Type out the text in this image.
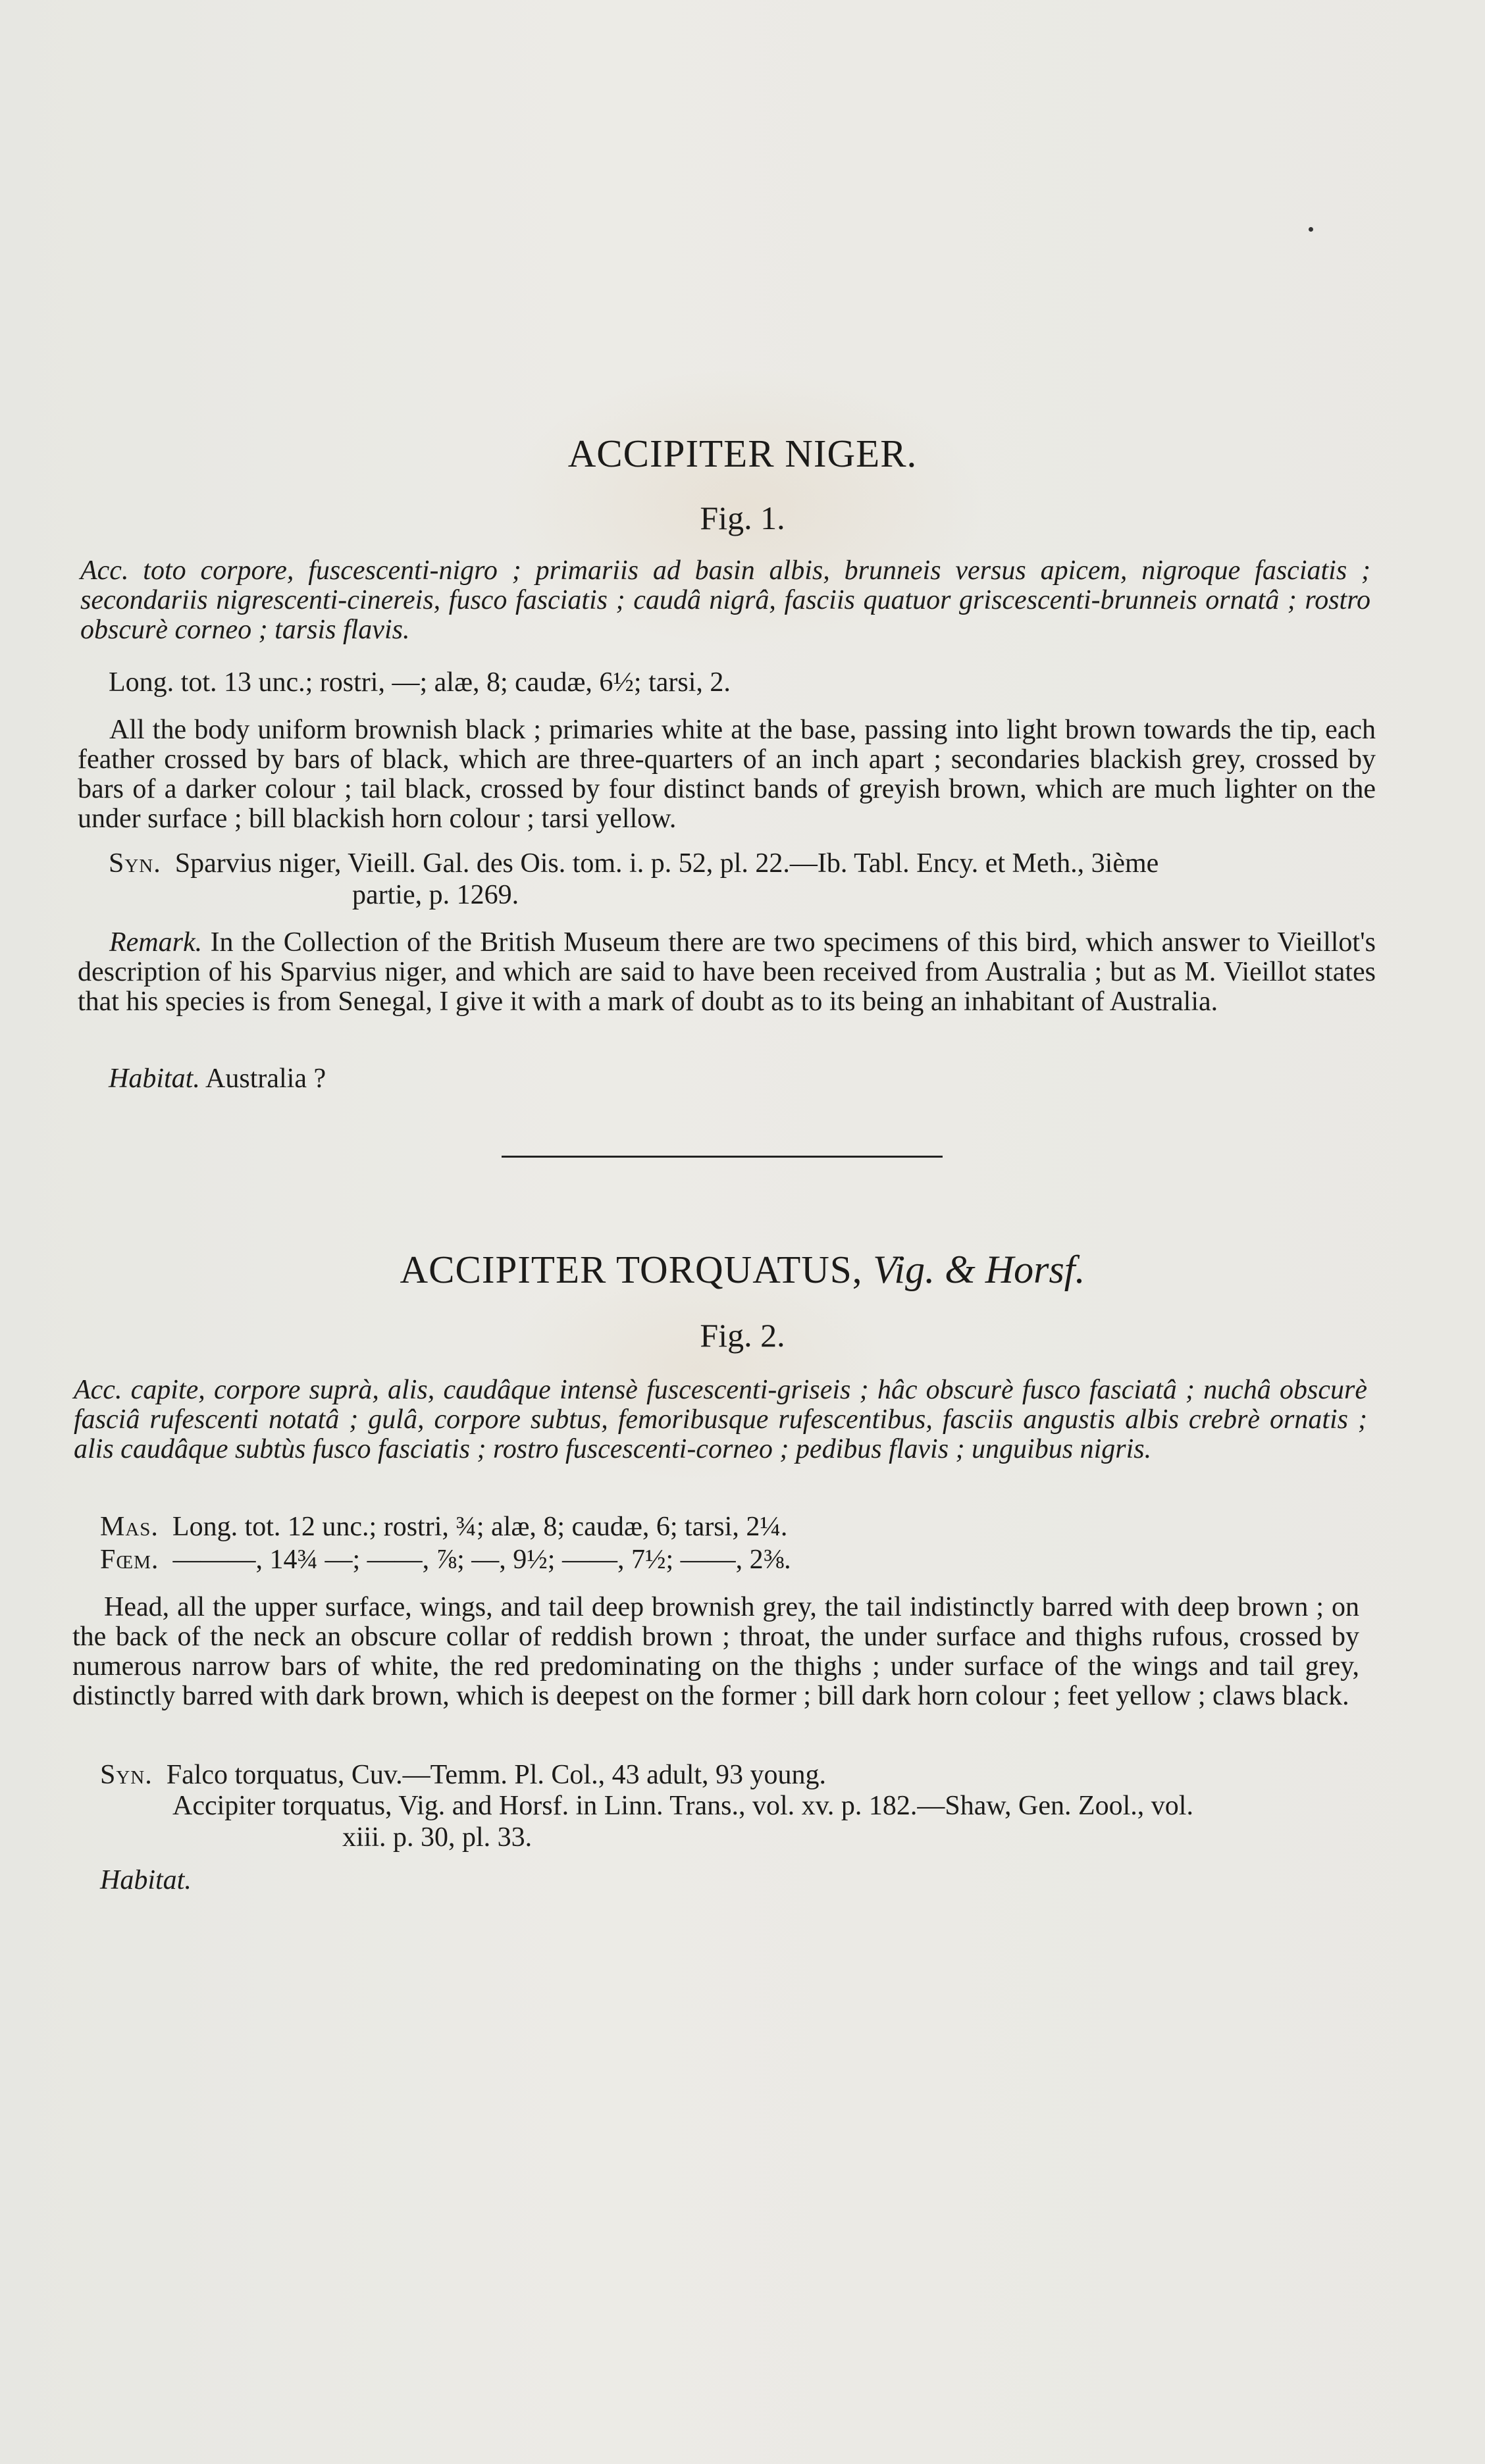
ACCIPITER NIGER.
Fig. 1.
Acc. toto corpore, fuscescenti-nigro ; primariis ad basin albis, brunneis versus apicem, nigroque fasciatis ; secondariis nigrescenti-cinereis, fusco fasciatis ; caudâ nigrâ, fasciis quatuor griscescenti-brunneis ornatâ ; rostro obscurè corneo ; tarsis flavis.
Long. tot. 13 unc.; rostri, —; alæ, 8; caudæ, 6½; tarsi, 2.
All the body uniform brownish black ; primaries white at the base, passing into light brown towards the tip, each feather crossed by bars of black, which are three-quarters of an inch apart ; secondaries blackish grey, crossed by bars of a darker colour ; tail black, crossed by four distinct bands of greyish brown, which are much lighter on the under surface ; bill blackish horn colour ; tarsi yellow.
Syn. Sparvius niger, Vieill. Gal. des Ois. tom. i. p. 52, pl. 22.—Ib. Tabl. Ency. et Meth., 3ième
partie, p. 1269.
Remark. In the Collection of the British Museum there are two specimens of this bird, which answer to Vieillot's description of his Sparvius niger, and which are said to have been received from Australia ; but as M. Vieillot states that his species is from Senegal, I give it with a mark of doubt as to its being an inhabitant of Australia.
Habitat. Australia ?
ACCIPITER TORQUATUS, Vig. & Horsf.
Fig. 2.
Acc. capite, corpore suprà, alis, caudâque intensè fuscescenti-griseis ; hâc obscurè fusco fasciatâ ; nuchâ obscurè fasciâ rufescenti notatâ ; gulâ, corpore subtus, femoribusque rufescentibus, fasciis angustis albis crebrè ornatis ; alis caudâque subtùs fusco fasciatis ; rostro fuscescenti-corneo ; pedibus flavis ; unguibus nigris.
Mas. Long. tot. 12 unc.; rostri, ¾; alæ, 8; caudæ, 6; tarsi, 2¼.
Fœm. ———, 14¾ —; ——, ⅞; —, 9½; ——, 7½; ——, 2⅜.
Head, all the upper surface, wings, and tail deep brownish grey, the tail indistinctly barred with deep brown ; on the back of the neck an obscure collar of reddish brown ; throat, the under surface and thighs rufous, crossed by numerous narrow bars of white, the red predominating on the thighs ; under surface of the wings and tail grey, distinctly barred with dark brown, which is deepest on the former ; bill dark horn colour ; feet yellow ; claws black.
Syn. Falco torquatus, Cuv.—Temm. Pl. Col., 43 adult, 93 young.
Accipiter torquatus, Vig. and Horsf. in Linn. Trans., vol. xv. p. 182.—Shaw, Gen. Zool., vol.
xiii. p. 30, pl. 33.
Habitat.
